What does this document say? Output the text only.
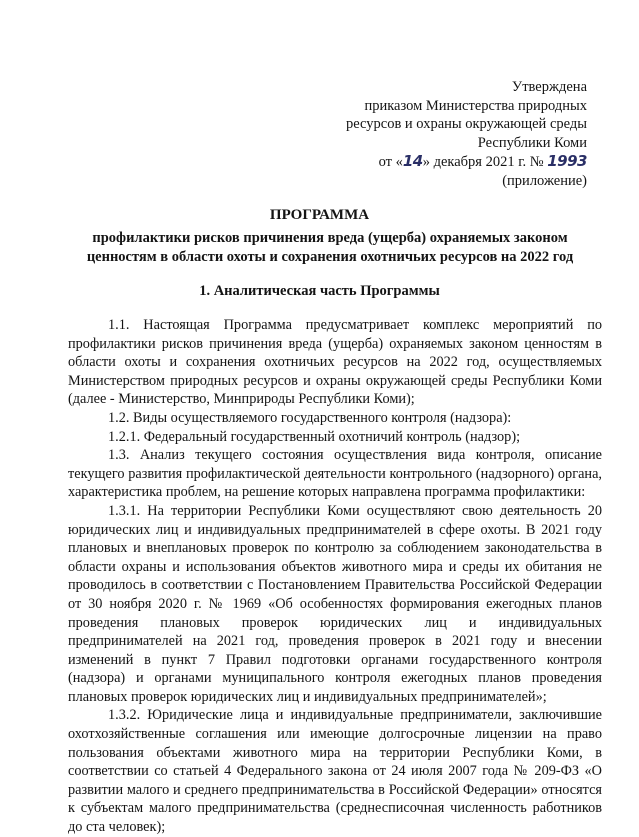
Утверждена
приказом Министерства природных
ресурсов и охраны окружающей среды
Республики Коми
от «14» декабря 2021 г. № 1993
(приложение)
ПРОГРАММА
профилактики рисков причинения вреда (ущерба) охраняемых законом ценностям в области охоты и сохранения охотничьих ресурсов на 2022 год
1. Аналитическая часть Программы

1.1. Настоящая Программа предусматривает комплекс мероприятий по профилактики рисков причинения вреда (ущерба) охраняемых законом ценностям в области охоты и сохранения охотничьих ресурсов на 2022 год, осуществляемых Министерством природных ресурсов и охраны окружающей среды Республики Коми (далее - Министерство, Минприроды Республики Коми);

1.2. Виды осуществляемого государственного контроля (надзора):

1.2.1. Федеральный государственный охотничий контроль (надзор);

1.3. Анализ текущего состояния осуществления вида контроля, описание текущего развития профилактической деятельности контрольного (надзорного) органа, характеристика проблем, на решение которых направлена программа профилактики:

1.3.1. На территории Республики Коми осуществляют свою деятельность 20 юридических лиц и индивидуальных предпринимателей в сфере охоты. В 2021 году плановых и внеплановых проверок по контролю за соблюдением законодательства в области охраны и использования объектов животного мира и среды их обитания не проводилось в соответствии с Постановлением Правительства Российской Федерации от 30 ноября 2020 г. № 1969 «Об особенностях формирования ежегодных планов проведения плановых проверок юридических лиц и индивидуальных предпринимателей на 2021 год, проведения проверок в 2021 году и внесении изменений в пункт 7 Правил подготовки органами государственного контроля (надзора) и органами муниципального контроля ежегодных планов проведения плановых проверок юридических лиц и индивидуальных предпринимателей»;

1.3.2. Юридические лица и индивидуальные предприниматели, заключившие охотхозяйственные соглашения или имеющие долгосрочные лицензии на право пользования объектами животного мира на территории Республики Коми, в соответствии со статьей 4 Федерального закона от 24 июля 2007 года № 209-ФЗ «О развитии малого и среднего предпринимательства в Российской Федерации» относятся к субъектам малого предпринимательства (среднесписочная численность работников до ста человек);
